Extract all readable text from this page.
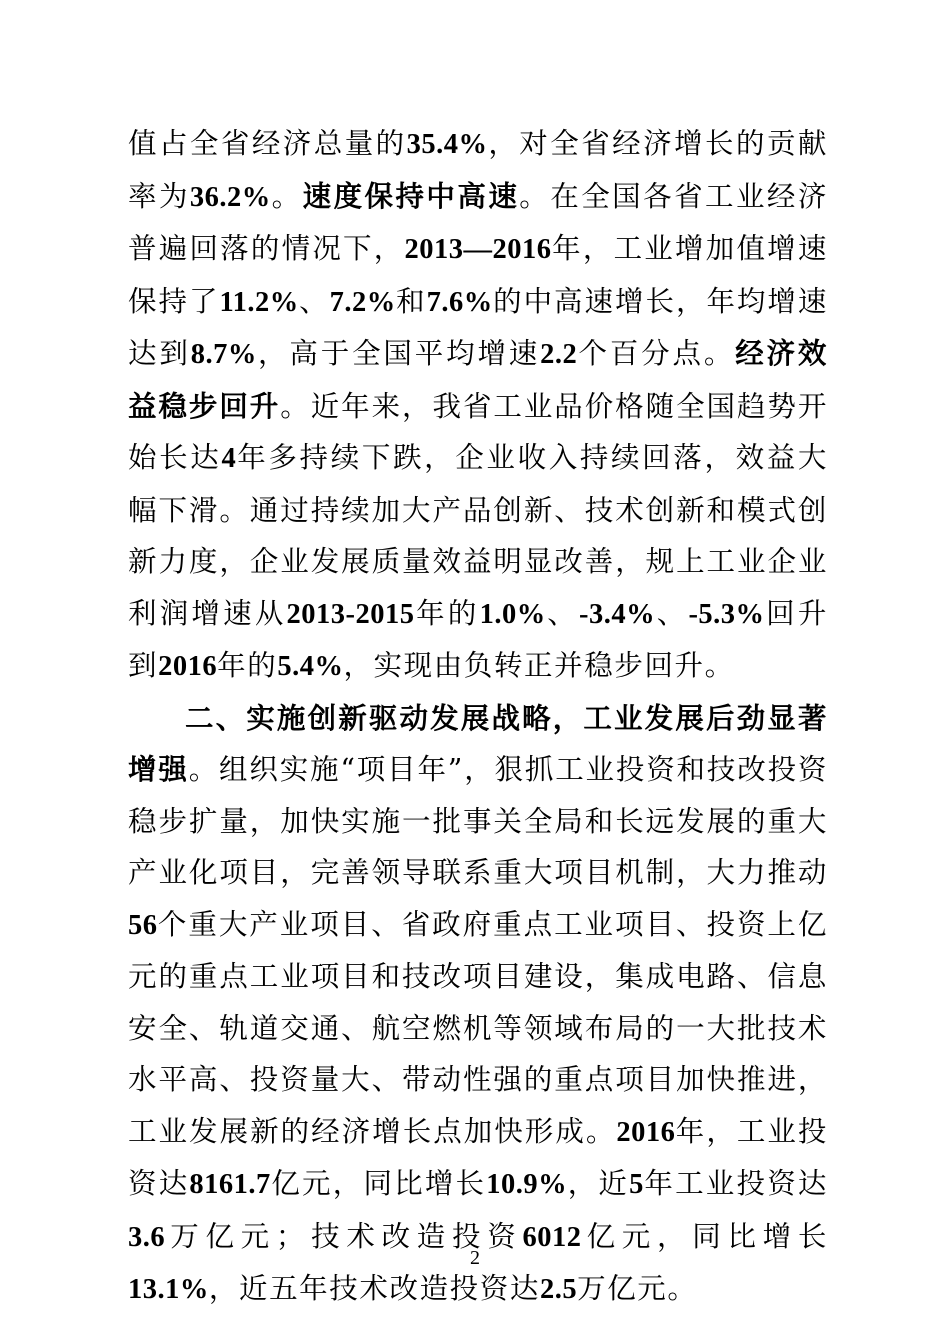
值占全省经济总量的35.4%，对全省经济增长的贡献率为36.2%。速度保持中高速。在全国各省工业经济普遍回落的情况下，2013—2016年，工业增加值增速保持了11.2%、7.2%和7.6%的中高速增长，年均增速达到8.7%，高于全国平均增速2.2个百分点。经济效益稳步回升。近年来，我省工业品价格随全国趋势开始长达4年多持续下跌，企业收入持续回落，效益大幅下滑。通过持续加大产品创新、技术创新和模式创新力度，企业发展质量效益明显改善，规上工业企业利润增速从2013-2015年的1.0%、-3.4%、-5.3%回升到2016年的5.4%，实现由负转正并稳步回升。

二、实施创新驱动发展战略，工业发展后劲显著增强。组织实施“项目年”，狠抓工业投资和技改投资稳步扩量，加快实施一批事关全局和长远发展的重大产业化项目，完善领导联系重大项目机制，大力推动56个重大产业项目、省政府重点工业项目、投资上亿元的重点工业项目和技改项目建设，集成电路、信息安全、轨道交通、航空燃机等领域布局的一大批技术水平高、投资量大、带动性强的重点项目加快推进，工业发展新的经济增长点加快形成。2016年，工业投资达8161.7亿元，同比增长10.9%，近5年工业投资达3.6万亿元；技术改造投资6012亿元，同比增长13.1%，近五年技术改造投资达2.5万亿元。

2
